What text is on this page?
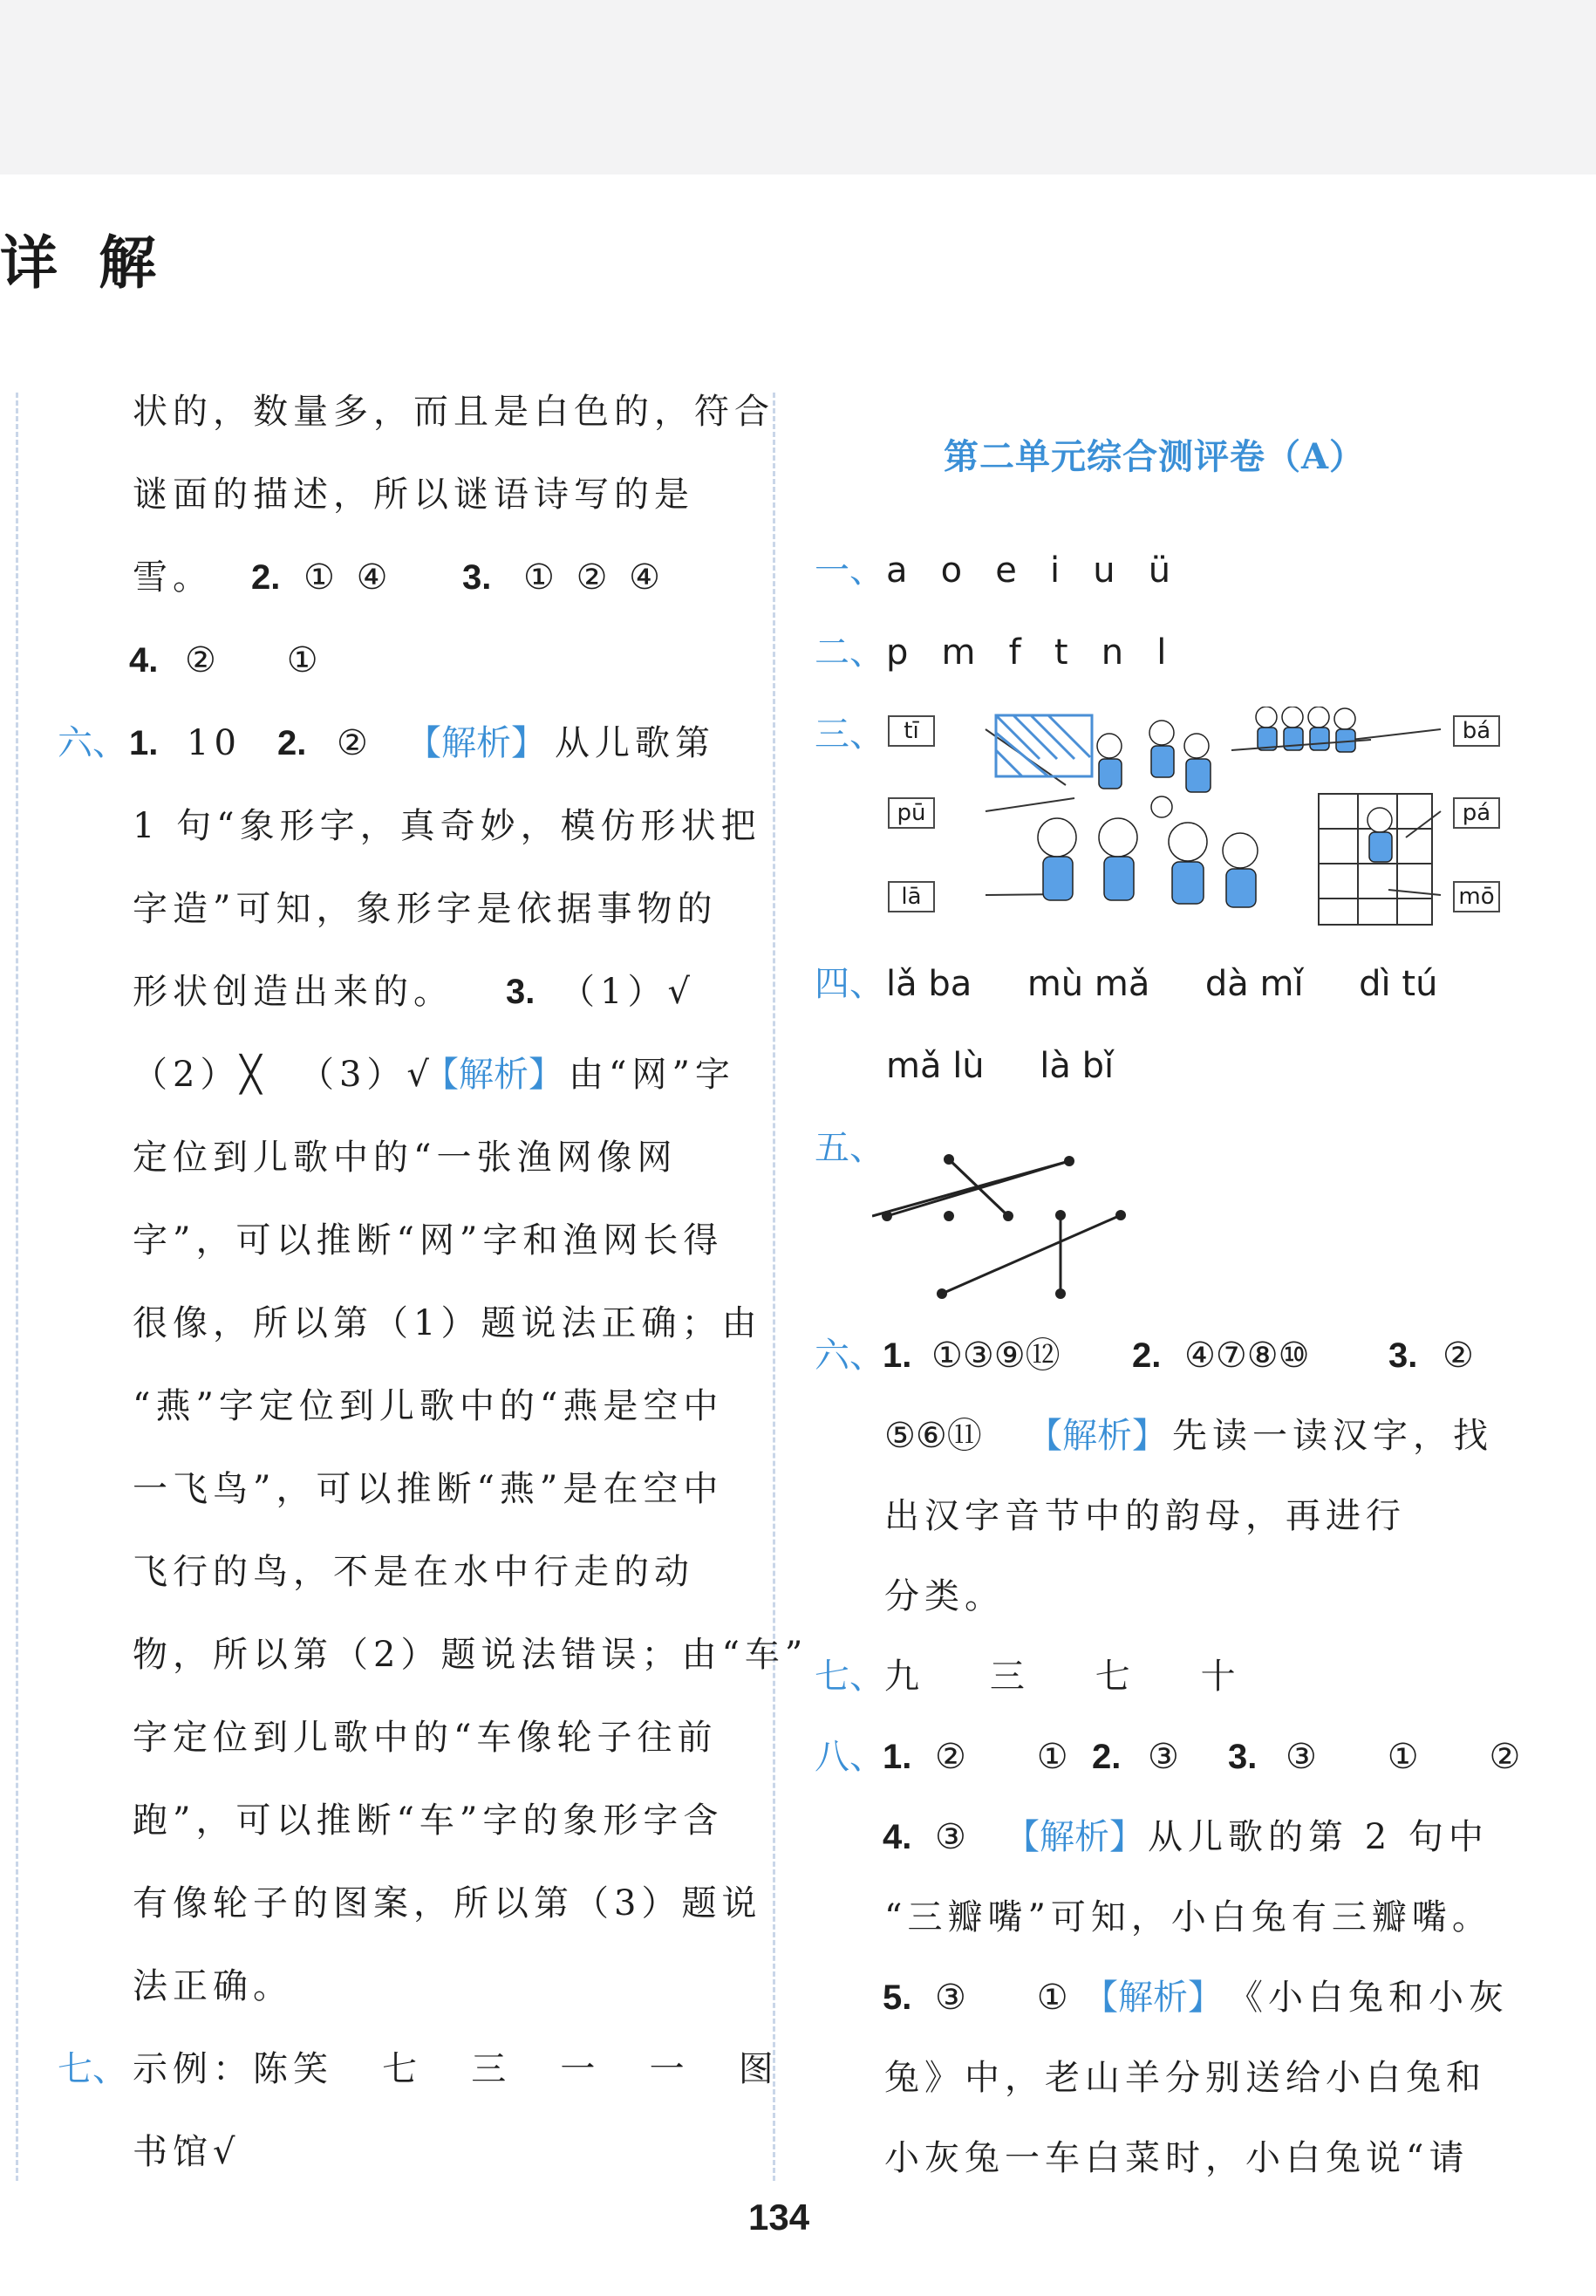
详 解
状的，数量多，而且是白色的，符合
谜面的描述，所以谜语诗写的是
雪。 2. ① ④ 3. ① ② ④
4. ②    ①
六、 1. 10 2. ② 【解析】 从儿歌第
1 句“象形字，真奇妙，模仿形状把
字造”可知，象形字是依据事物的
形状创造出来的。 3. （1）√
（2）╳  （3）√
【解析】 由“网”字
定位到儿歌中的“一张渔网像网
字”，可以推断“网”字和渔网长得
很像，所以第（1）题说法正确；由
“燕”字定位到儿歌中的“燕是空中
一飞鸟”，可以推断“燕”是在空中
飞行的鸟，不是在水中行走的动
物，所以第（2）题说法错误；由“车”
字定位到儿歌中的“车像轮子往前
跑”，可以推断“车”字的象形字含
有像轮子的图案，所以第（3）题说
法正确。
七、 示例：陈笑   七   三   一   一   图
书馆√
第二单元综合测评卷（A）
一、 a   o   e   i   u   ü
二、 p   m   f   t   n   l
三、 tī
pū
lā
bá
pá
mō
四、 lǎ ba     mù mǎ     dà mǐ     dì tú
mǎ lù     là bǐ
五、
六、
1. ①③⑨⑫ 2. ④⑦⑧⑩ 3. ②
⑤⑥⑪ 【解析】 先读一读汉字，找
出汉字音节中的韵母，再进行
分类。
七、 九    三    七    十
八、
1. ②    ① 2. ③ 3. ③    ①    ②
4. ③ 【解析】 从儿歌的第 2 句中
“三瓣嘴”可知，小白兔有三瓣嘴。
5. ③    ① 【解析】 《小白兔和小灰
兔》中，老山羊分别送给小白兔和
小灰兔一车白菜时，小白兔说“请
134
